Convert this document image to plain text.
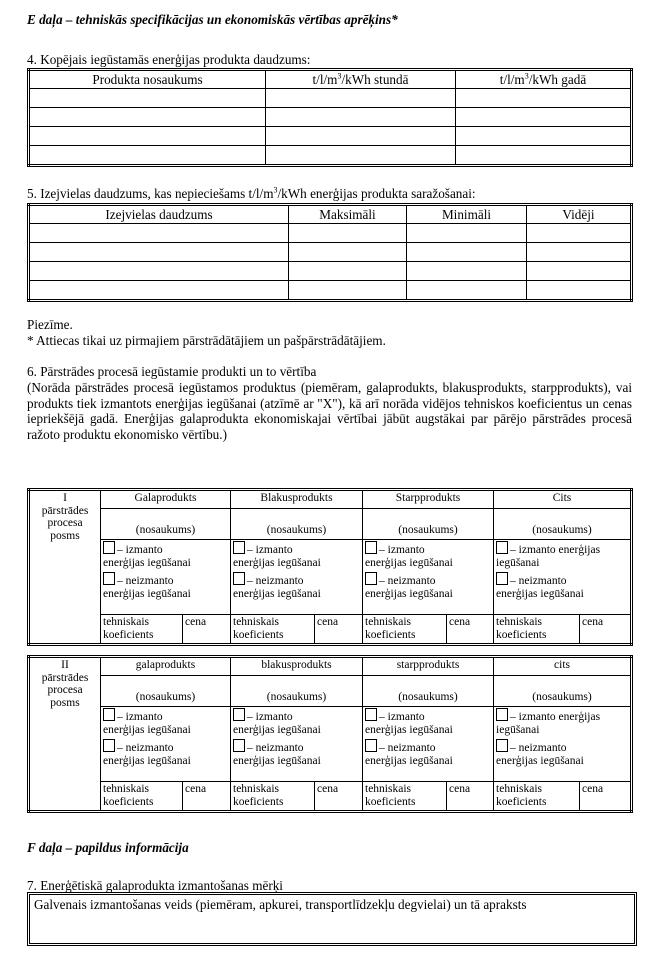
E daļa – tehniskās specifikācijas un ekonomiskās vērtības aprēķins*
4. Kopējais iegūstamās enerģijas produkta daudzums:
Produkta nosaukums	$t/l/m^3$/kWh stundā	$t/l/m^3$/kWh gadā

5. Izejvielas daudzums, kas nepieciešams $t/l/m^3$/kWh enerģijas produkta saražošanai:
Izejvielas daudzums	Maksimāli	Minimāli	Vidēji

Piezīme.
* Attiecas tikai uz pirmajiem pārstrādātājiem un pašpārstrādātājiem.
6. Pārstrādes procesā iegūstamie produkti un to vērtība
(Norāda pārstrādes procesā iegūstamos produktus (piemēram, galaprodukts, blakusprodukts, starpprodukts), vai produkts tiek izmantots enerģijas iegūšanai (atzīmē ar "X"), kā arī norāda vidējos tehniskos koeficientus un cenas iepriekšējā gadā. Enerģijas galaprodukta ekonomiskajai vērtībai jābūt augstākai par pārējo pārstrādes procesā ražoto produktu ekonomisko vērtību.)
I
pārstrādes
procesa
posms	Galaprodukts		Blakusprodukts		Starpprodukts		Cits	
	(nosaukums)		(nosaukums)		(nosaukums)		(nosaukums)	

	– izmanto
enerģijas iegūšanai
– neizmanto
enerģijas iegūšanai		– izmanto
enerģijas iegūšanai
– neizmanto
enerģijas iegūšanai		– izmanto
enerģijas iegūšanai
– neizmanto
enerģijas iegūšanai		– izmanto enerģijas iegūšanai
– neizmanto
enerģijas iegūšanai	

	tehniskais
koeficients	cena	tehniskais
koeficients	cena	tehniskais
koeficients	cena	tehniskais
koeficients	cena
II
pārstrādes
procesa
posms	galaprodukts		blakusprodukts		starpprodukts		cits	
	(nosaukums)		(nosaukums)		(nosaukums)		(nosaukums)	

	– izmanto
enerģijas iegūšanai
– neizmanto
enerģijas iegūšanai		– izmanto
enerģijas iegūšanai
– neizmanto
enerģijas iegūšanai		– izmanto
enerģijas iegūšanai
– neizmanto
enerģijas iegūšanai		– izmanto enerģijas iegūšanai
– neizmanto
enerģijas iegūšanai	

	tehniskais
koeficients	cena	tehniskais
koeficients	cena	tehniskais
koeficients	cena	tehniskais
koeficients	cena
F daļa – papildus informācija
7. Enerģētiskā galaprodukta izmantošanas mērķi
Galvenais izmantošanas veids (piemēram, apkurei, transportlīdzekļu degvielai) un tā apraksts
